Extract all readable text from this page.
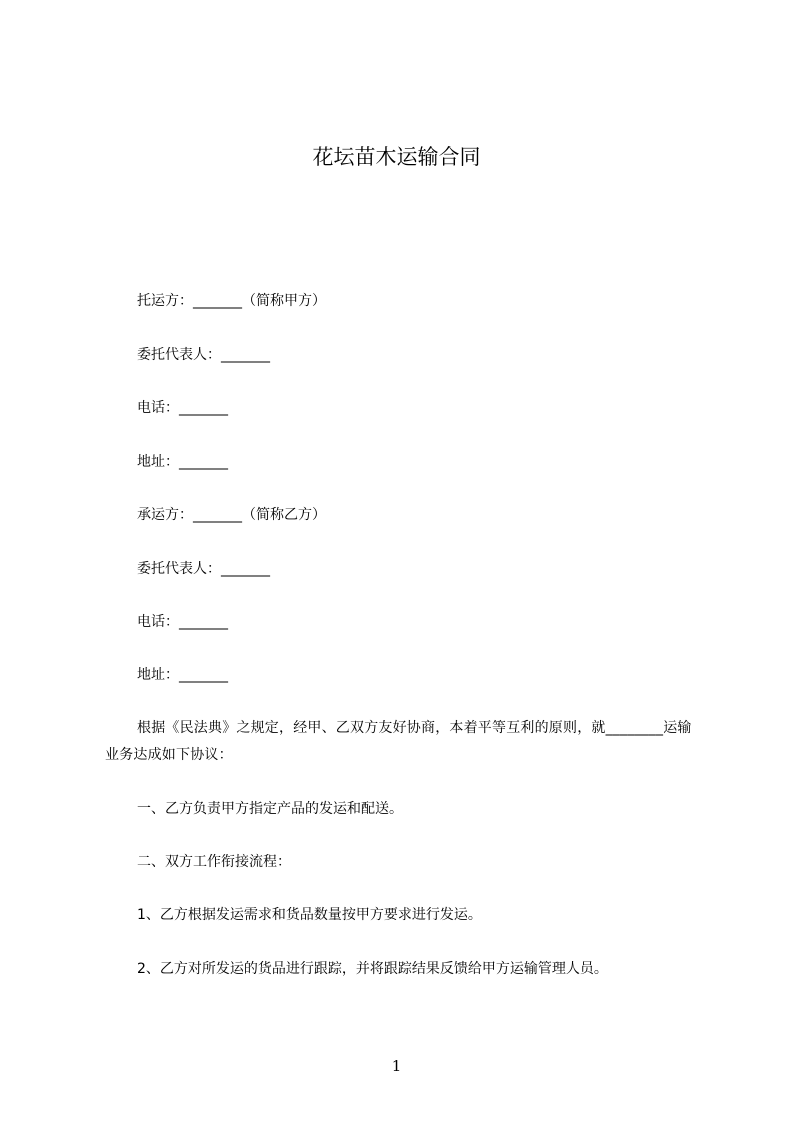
花坛苗木运输合同

托运方：_______（简称甲方）

委托代表人：_______

电话：_______

地址：_______

承运方：_______（简称乙方）

委托代表人：_______

电话：_______

地址：_______

根据《民法典》之规定，经甲、乙双方友好协商，本着平等互利的原则，就________运输业务达成如下协议：

一、乙方负责甲方指定产品的发运和配送。

二、双方工作衔接流程：

1、乙方根据发运需求和货品数量按甲方要求进行发运。

2、乙方对所发运的货品进行跟踪，并将跟踪结果反馈给甲方运输管理人员。

1
